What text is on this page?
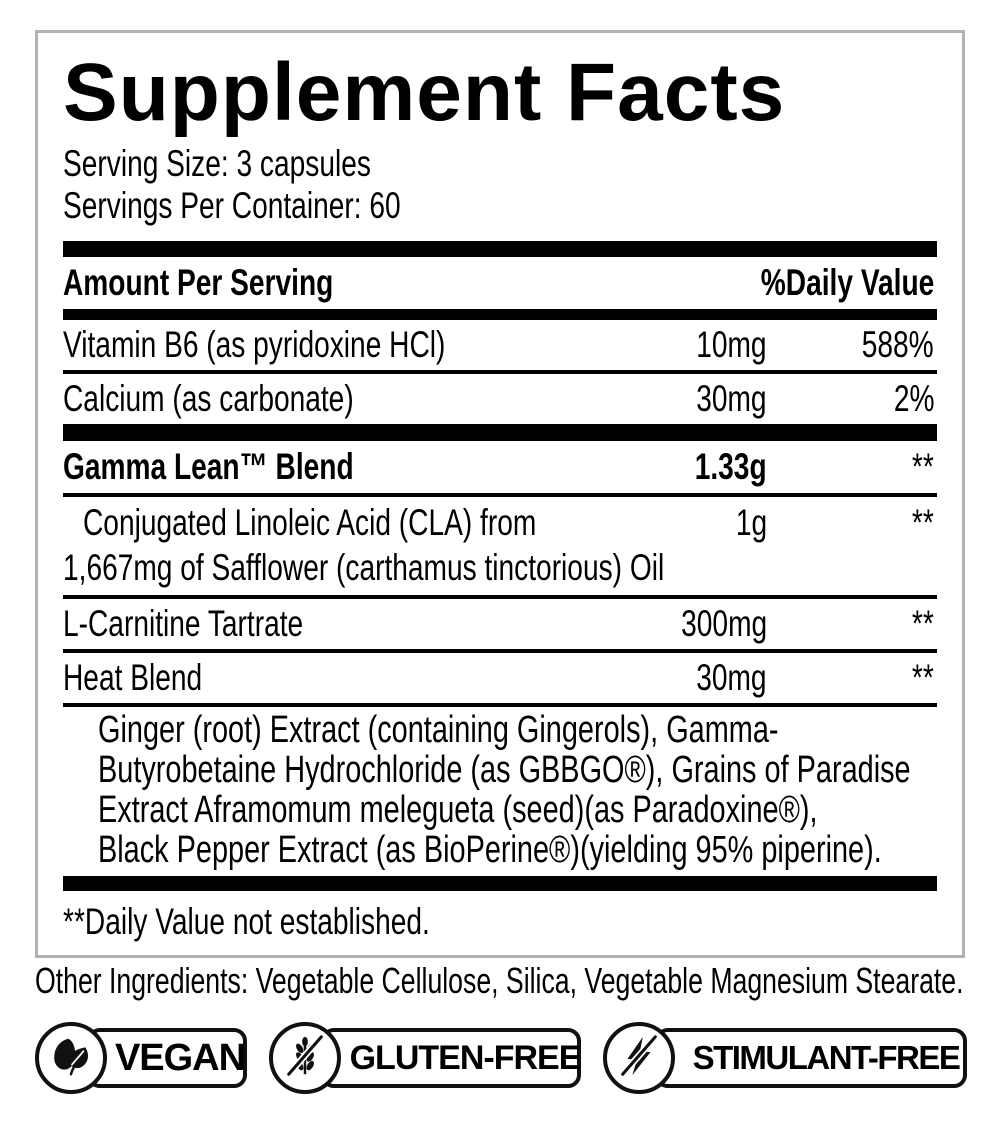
Supplement Facts
Serving Size: 3 capsules
Servings Per Container: 60
Amount Per Serving	%Daily Value
Vitamin B6 (as pyridoxine HCl)	10mg	588%
Calcium (as carbonate)	30mg	2%
Gamma Lean™ Blend	1.33g	**
Conjugated Linoleic Acid (CLA) from
1,667mg of Safflower (carthamus tinctorious) Oil
1g	**
L-Carnitine Tartrate	300mg	**
Heat Blend	30mg	**
Ginger (root) Extract (containing Gingerols), Gamma-
Butyrobetaine Hydrochloride (as GBBGO®), Grains of Paradise
Extract Aframomum melegueta (seed)(as Paradoxine®),
Black Pepper Extract (as BioPerine®)(yielding 95% piperine).
**Daily Value not established.
Other Ingredients: Vegetable Cellulose, Silica, Vegetable Magnesium Stearate.
VEGAN	GLUTEN-FREE	STIMULANT-FREE
